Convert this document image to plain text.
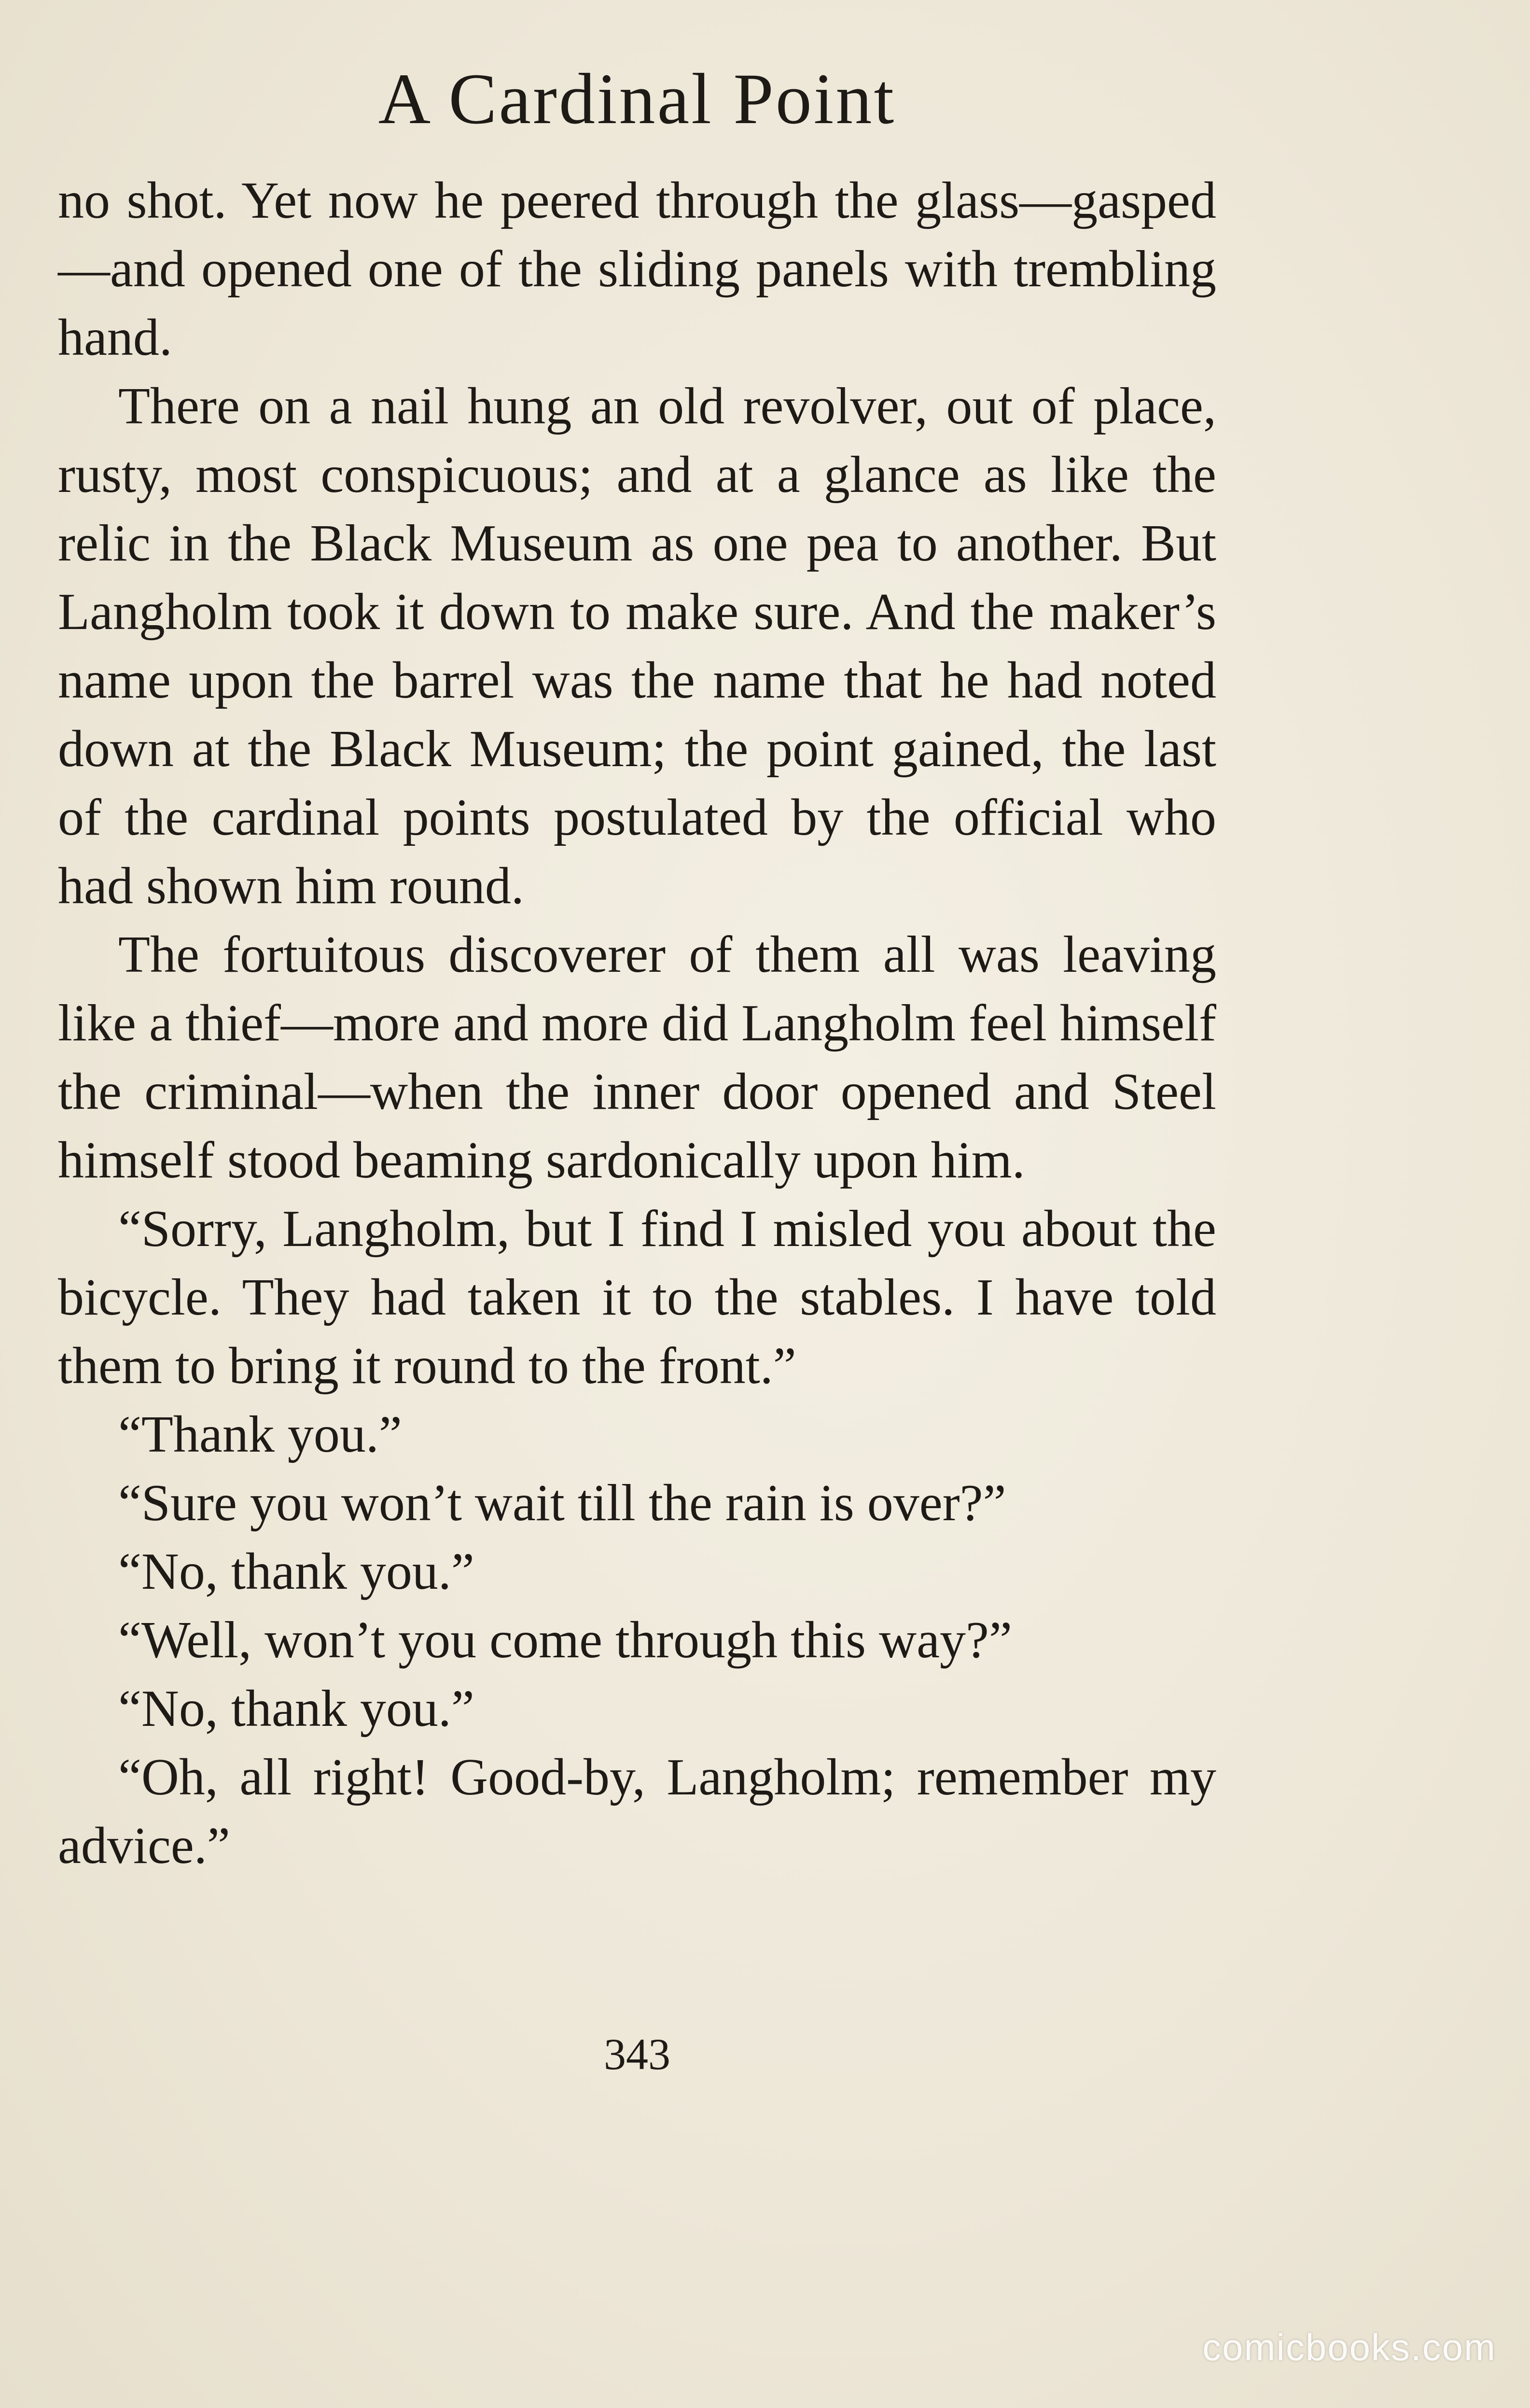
A Cardinal Point

no shot. Yet now he peered through the glass—gasped—and opened one of the sliding panels with trembling hand.

There on a nail hung an old revolver, out of place, rusty, most conspicuous; and at a glance as like the relic in the Black Museum as one pea to another. But Langholm took it down to make sure. And the maker’s name upon the barrel was the name that he had noted down at the Black Museum; the point gained, the last of the cardinal points postulated by the official who had shown him round.

The fortuitous discoverer of them all was leaving like a thief—more and more did Langholm feel himself the criminal—when the inner door opened and Steel himself stood beaming sardonically upon him.

“Sorry, Langholm, but I find I misled you about the bicycle. They had taken it to the stables. I have told them to bring it round to the front.”

“Thank you.”

“Sure you won’t wait till the rain is over?”

“No, thank you.”

“Well, won’t you come through this way?”

“No, thank you.”

“Oh, all right! Good-by, Langholm; remember my advice.”

343
comicbooks.com
